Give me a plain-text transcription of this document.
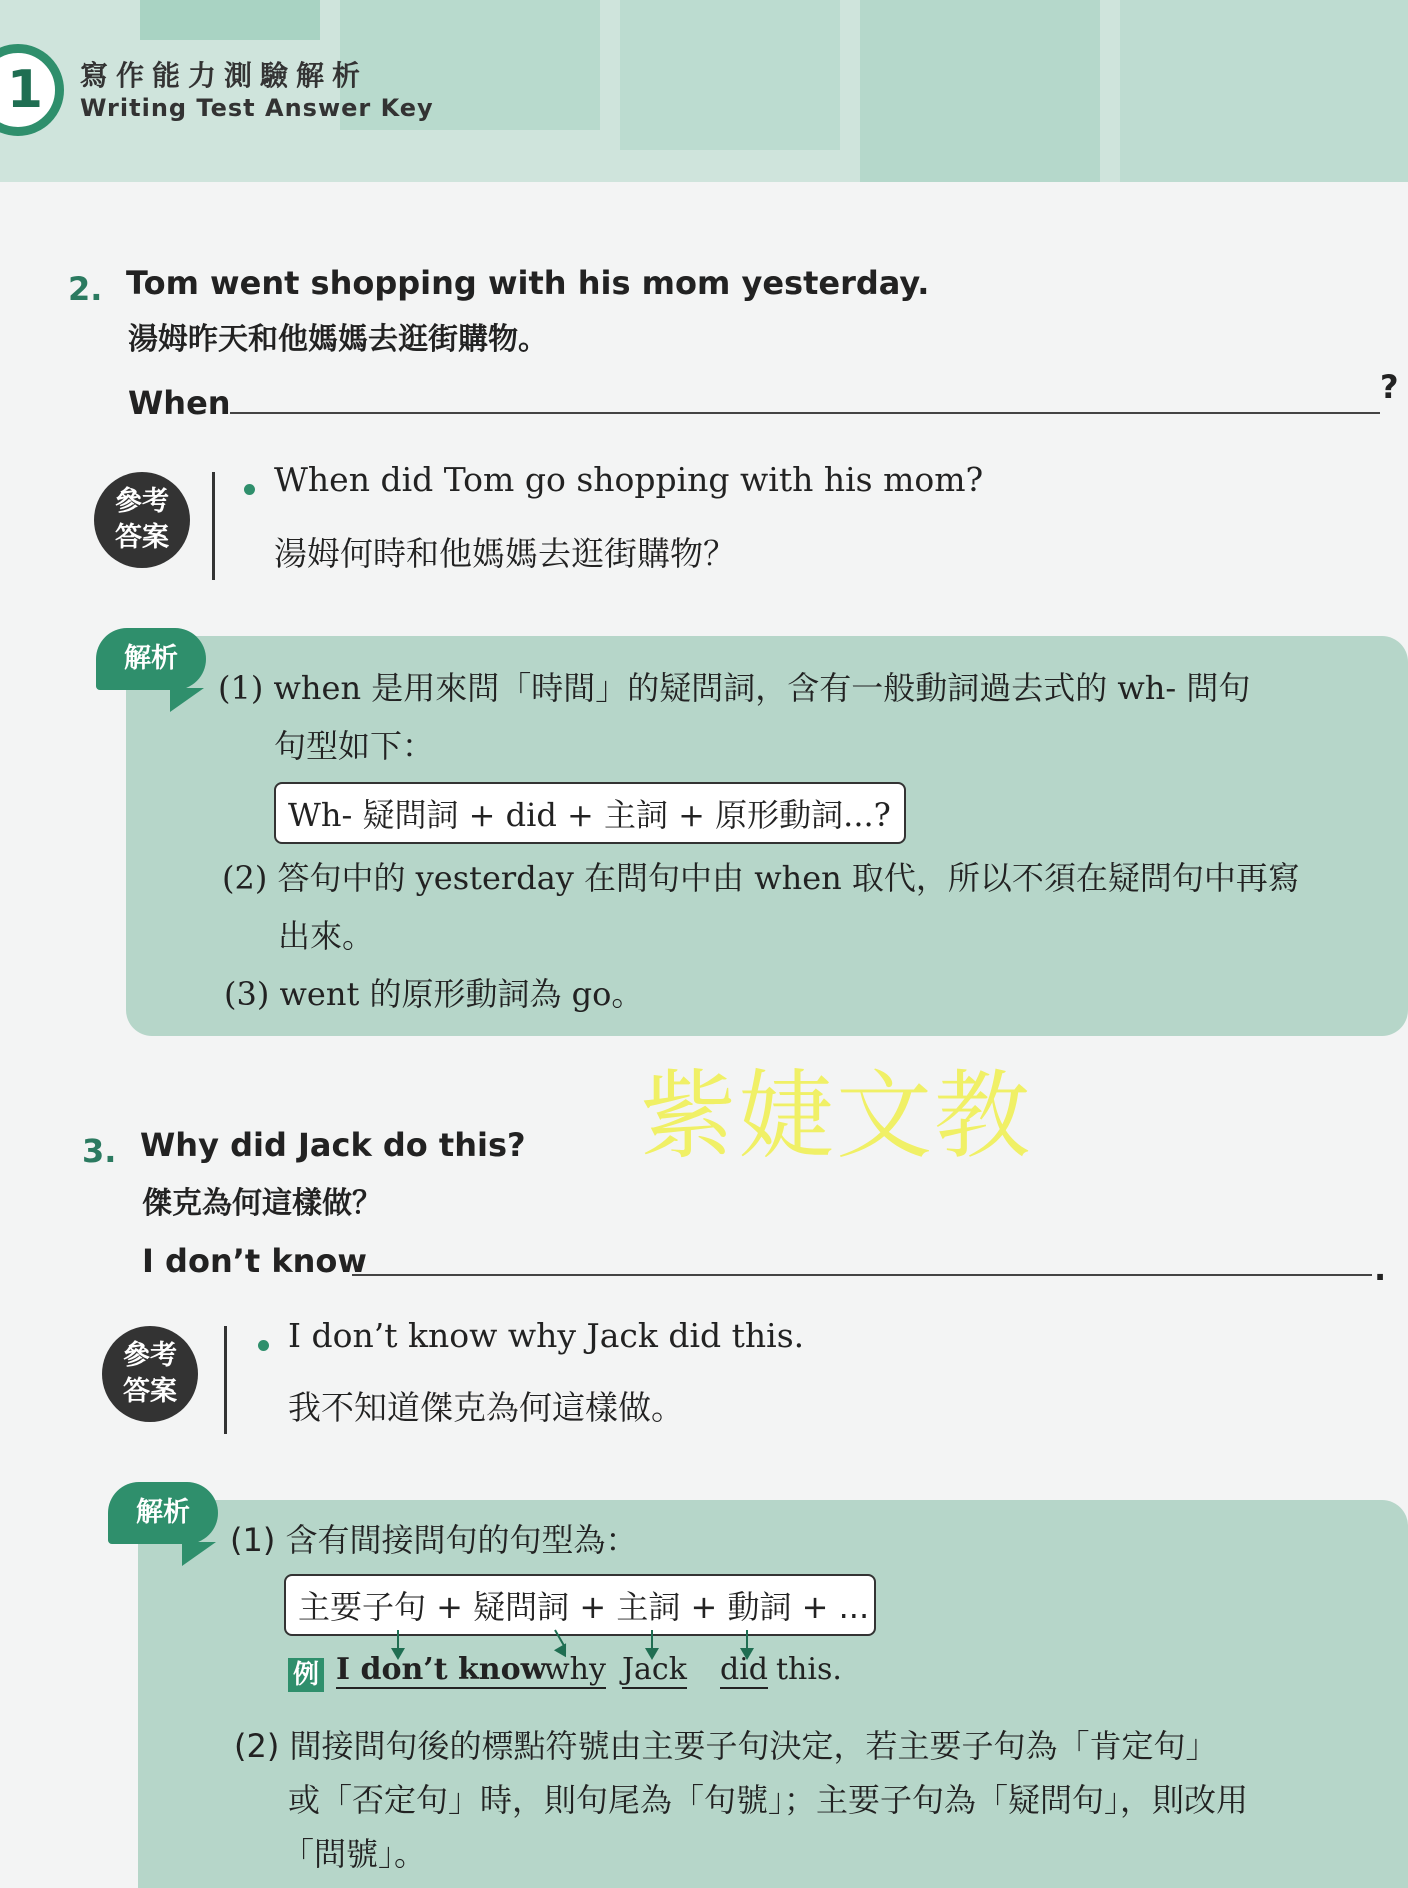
1	寫作能力測驗解析
Writing Test Answer Key
2. Tom went shopping with his mom yesterday.
湯姆昨天和他媽媽去逛街購物。
When	?
參考
答案
When did Tom go shopping with his mom?
湯姆何時和他媽媽去逛街購物？
解析
(1) when 是用來問「時間」的疑問詞，含有一般動詞過去式的 wh- 問句
句型如下：
Wh- 疑問詞 + did + 主詞 + 原形動詞...?
(2) 答句中的 yesterday 在問句中由 when 取代，所以不須在疑問句中再寫
出來。
(3) went 的原形動詞為 go。
紫婕文教
3. Why did Jack do this?
傑克為何這樣做？
I don’t know	.
參考
答案
I don’t know why Jack did this.
我不知道傑克為何這樣做。
解析
(1) 含有間接問句的句型為：
主要子句 + 疑問詞 + 主詞 + 動詞 + ...
例 I don’t know
why Jack did this.
(2) 間接問句後的標點符號由主要子句決定，若主要子句為「肯定句」
或「否定句」時，則句尾為「句號」；主要子句為「疑問句」，則改用
「問號」。
